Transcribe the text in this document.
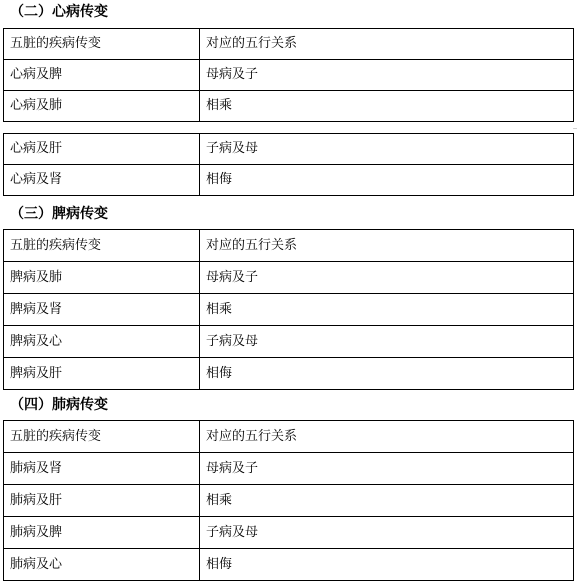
（二）心病传变
五脏的疾病传变	对应的五行关系
心病及脾	母病及子
心病及肺	相乘
心病及肝	子病及母
心病及肾	相侮
（三）脾病传变
五脏的疾病传变	对应的五行关系
脾病及肺	母病及子
脾病及肾	相乘
脾病及心	子病及母
脾病及肝	相侮
（四）肺病传变
五脏的疾病传变	对应的五行关系
肺病及肾	母病及子
肺病及肝	相乘
肺病及脾	子病及母
肺病及心	相侮
